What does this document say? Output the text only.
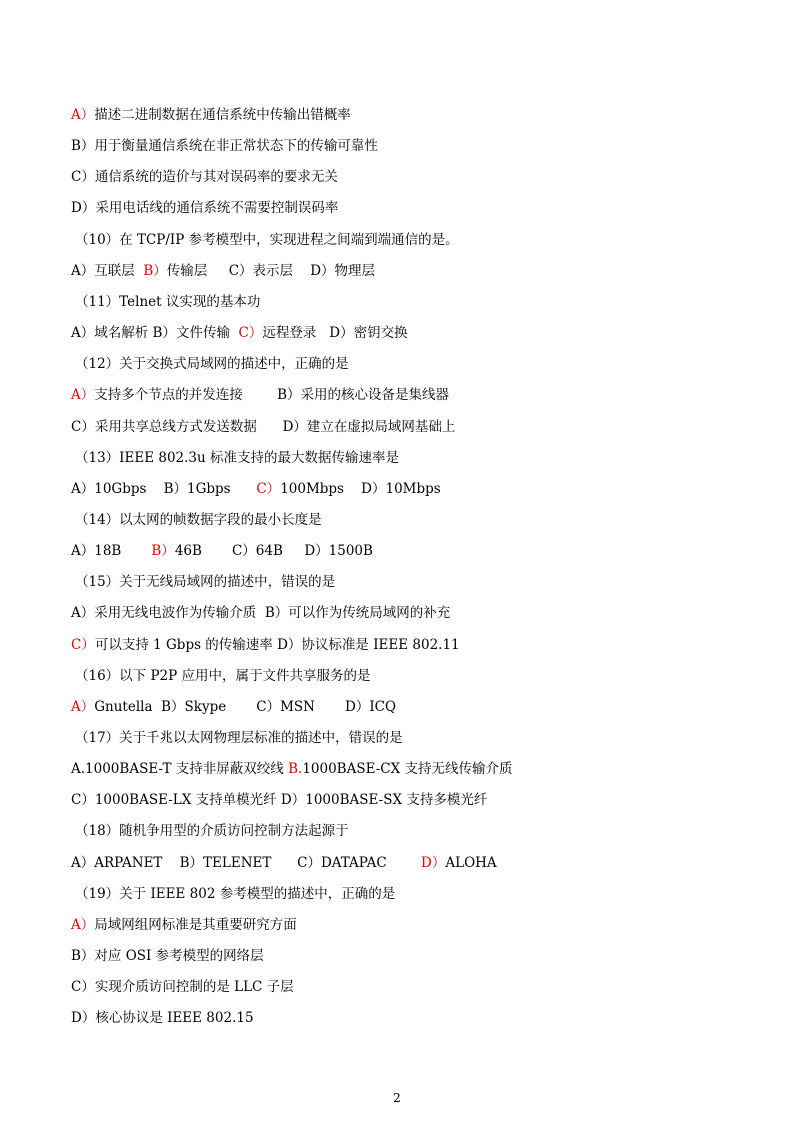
A）描述二进制数据在通信系统中传输出错概率
B）用于衡量通信系统在非正常状态下的传输可靠性
C）通信系统的造价与其对误码率的要求无关
D）采用电话线的通信系统不需要控制误码率
（10）在 TCP/IP 参考模型中，实现进程之间端到端通信的是。
A）互联层  B）传输层     C）表示层    D）物理层
（11）Telnet 议实现的基本功
A）域名解析 B）文件传输  C）远程登录   D）密钥交换
（12）关于交换式局域网的描述中，正确的是
A）支持多个节点的并发连接        B）采用的核心设备是集线器
C）采用共享总线方式发送数据      D）建立在虚拟局域网基础上
（13）IEEE 802.3u 标准支持的最大数据传输速率是
A）10Gbps    B）1Gbps      C）100Mbps    D）10Mbps
（14）以太网的帧数据字段的最小长度是
A）18B       B）46B       C）64B     D）1500B
（15）关于无线局域网的描述中，错误的是
A）采用无线电波作为传输介质  B）可以作为传统局域网的补充
C）可以支持 1 Gbps 的传输速率 D）协议标准是 IEEE 802.11
（16）以下 P2P 应用中，属于文件共享服务的是
A）Gnutella  B）Skype       C）MSN       D）ICQ
（17）关于千兆以太网物理层标准的描述中，错误的是
A.1000BASE-T 支持非屏蔽双绞线 B.1000BASE-CX 支持无线传输介质
C）1000BASE-LX 支持单模光纤 D）1000BASE-SX 支持多模光纤
（18）随机争用型的介质访问控制方法起源于
A）ARPANET    B）TELENET      C）DATAPAC        D）ALOHA
（19）关于 IEEE 802 参考模型的描述中，正确的是
A）局域网组网标准是其重要研究方面
B）对应 OSI 参考模型的网络层
C）实现介质访问控制的是 LLC 子层
D）核心协议是 IEEE 802.15
2
